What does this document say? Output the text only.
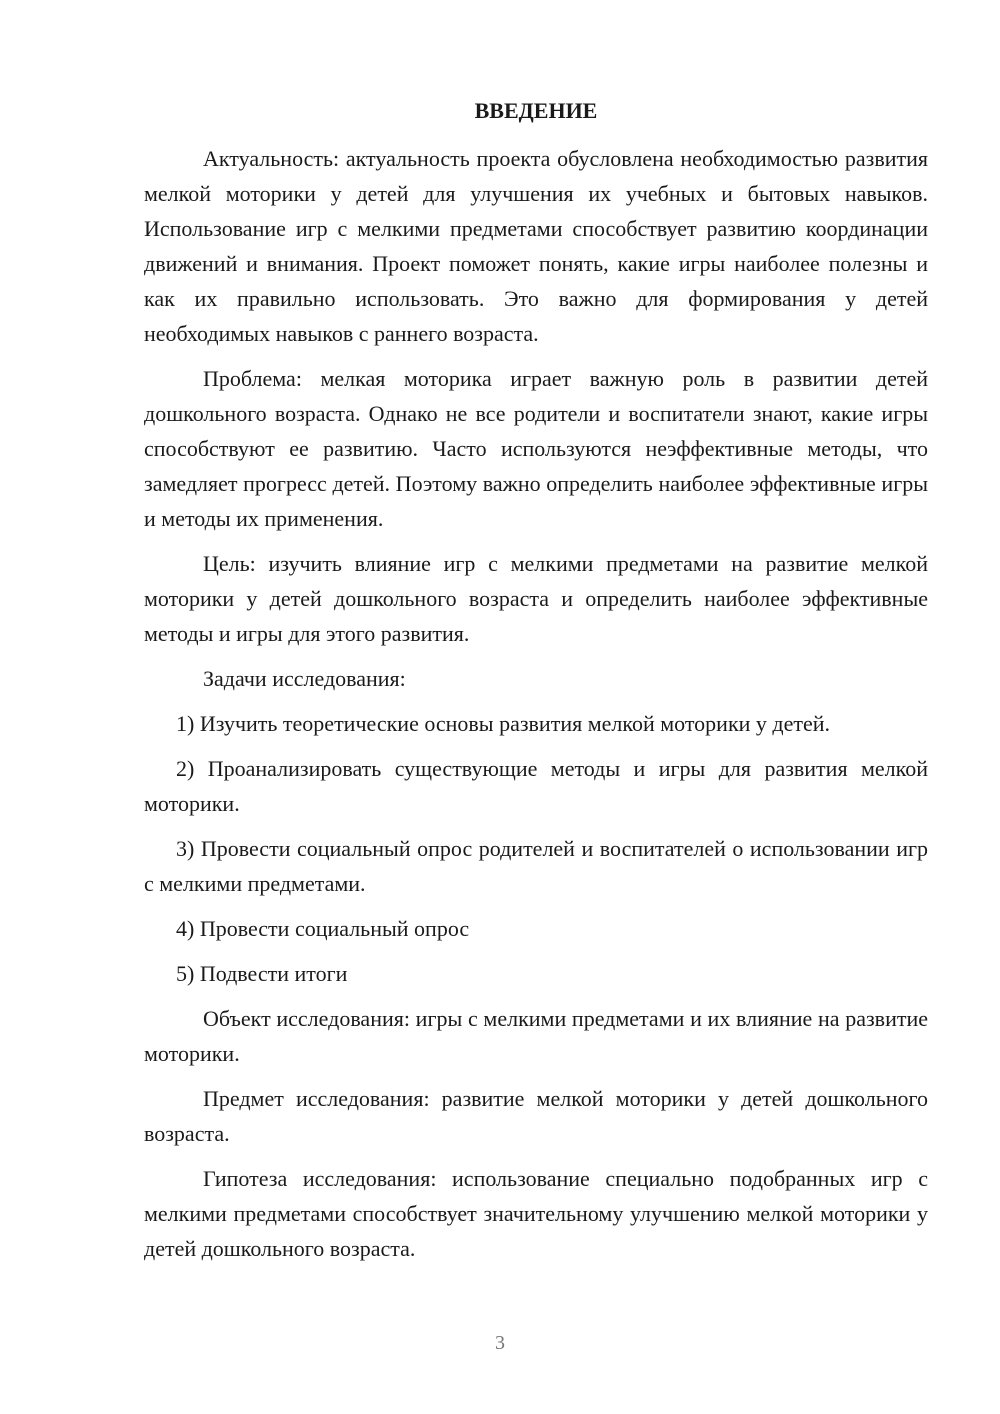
ВВЕДЕНИЕ

Актуальность: актуальность проекта обусловлена необходимостью развития мелкой моторики у детей для улучшения их учебных и бытовых навыков. Использование игр с мелкими предметами способствует развитию координации движений и внимания. Проект поможет понять, какие игры наиболее полезны и как их правильно использовать. Это важно для формирования у детей необходимых навыков с раннего возраста.

Проблема: мелкая моторика играет важную роль в развитии детей дошкольного возраста. Однако не все родители и воспитатели знают, какие игры способствуют ее развитию. Часто используются неэффективные методы, что замедляет прогресс детей. Поэтому важно определить наиболее эффективные игры и методы их применения.

Цель: изучить влияние игр с мелкими предметами на развитие мелкой моторики у детей дошкольного возраста и определить наиболее эффективные методы и игры для этого развития.

Задачи исследования:

1) Изучить теоретические основы развития мелкой моторики у детей.

2) Проанализировать существующие методы и игры для развития мелкой моторики.

3) Провести социальный опрос родителей и воспитателей о использовании игр с мелкими предметами.

4) Провести социальный опрос

5) Подвести итоги

Объект исследования: игры с мелкими предметами и их влияние на развитие моторики.

Предмет исследования: развитие мелкой моторики у детей дошкольного возраста.

Гипотеза исследования: использование специально подобранных игр с мелкими предметами способствует значительному улучшению мелкой моторики у детей дошкольного возраста.

3
